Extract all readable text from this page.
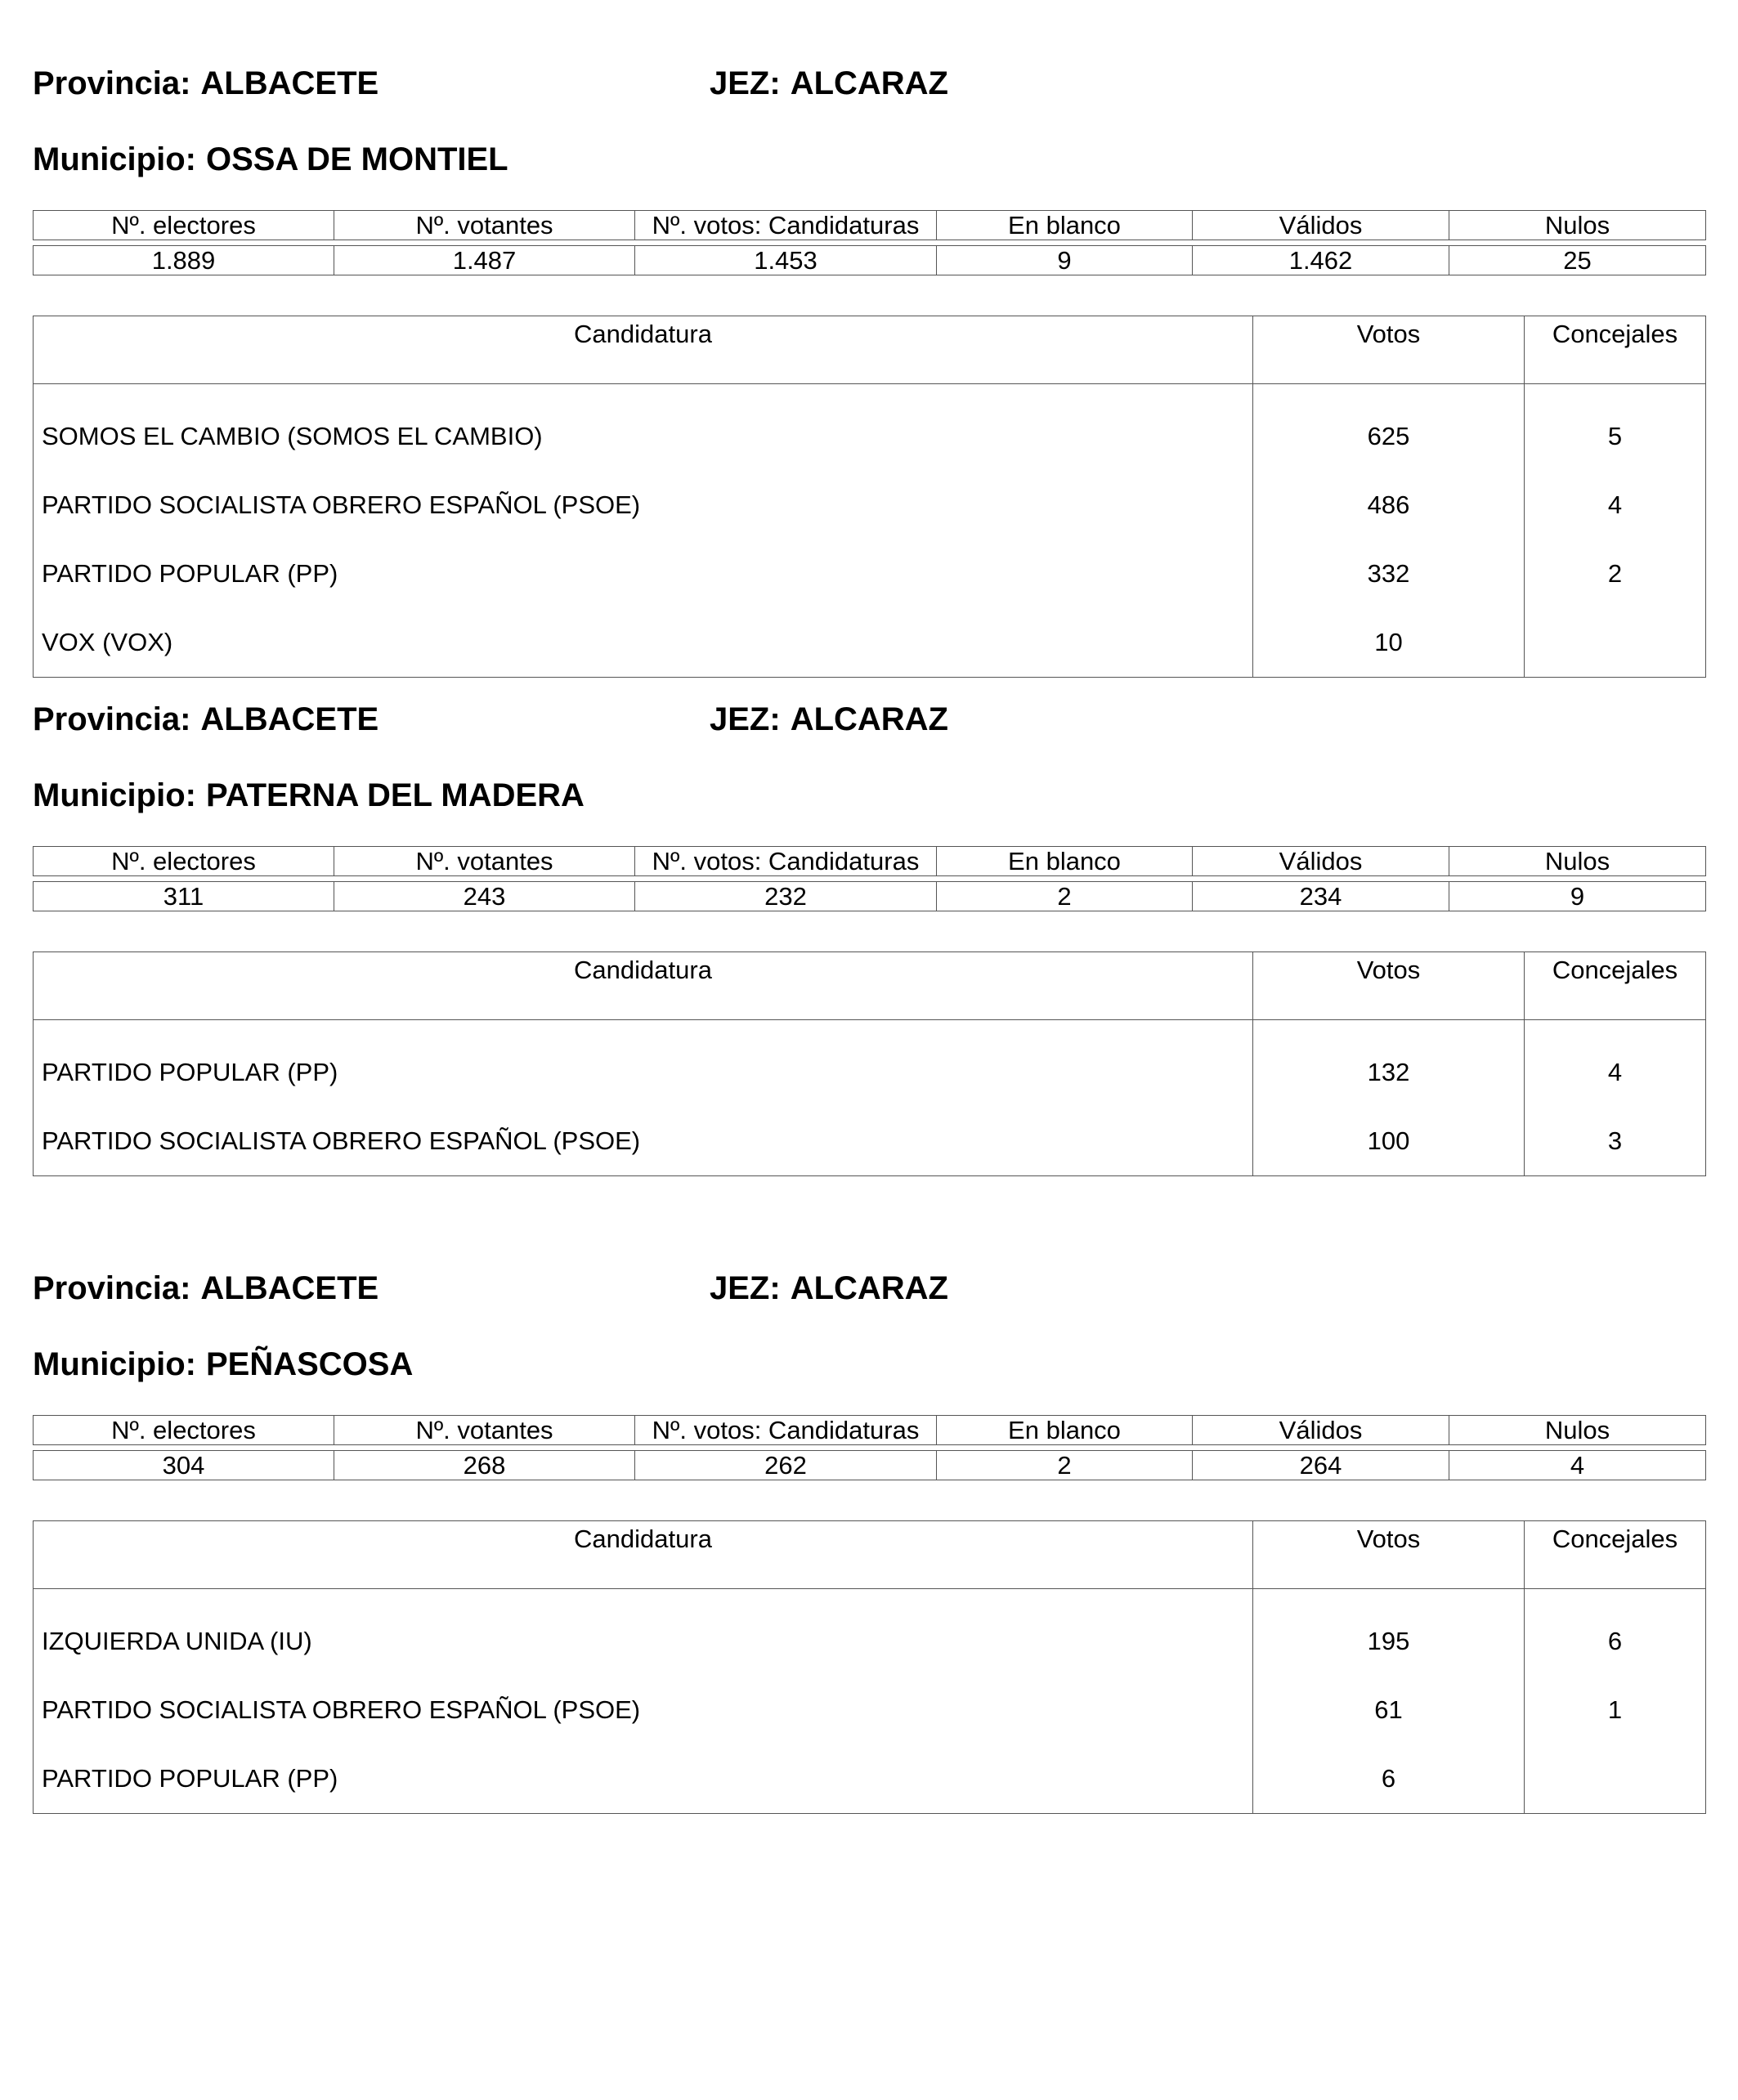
Provincia: ALBACETE	JEZ: ALCARAZ
Municipio: OSSA DE MONTIEL
Nº. electores	Nº. votantes	Nº. votos: Candidaturas	En blanco	Válidos	Nulos

1.889	1.487	1.453	9	1.462	25
Candidatura	Votos	Concejales
SOMOS EL CAMBIO (SOMOS EL CAMBIO)	625	5
PARTIDO SOCIALISTA OBRERO ESPAÑOL (PSOE)	486	4
PARTIDO POPULAR (PP)	332	2
VOX (VOX)	10	
Provincia: ALBACETE	JEZ: ALCARAZ
Municipio: PATERNA DEL MADERA
Nº. electores	Nº. votantes	Nº. votos: Candidaturas	En blanco	Válidos	Nulos

311	243	232	2	234	9
Candidatura	Votos	Concejales
PARTIDO POPULAR (PP)	132	4
PARTIDO SOCIALISTA OBRERO ESPAÑOL (PSOE)	100	3
Provincia: ALBACETE	JEZ: ALCARAZ
Municipio: PEÑASCOSA
Nº. electores	Nº. votantes	Nº. votos: Candidaturas	En blanco	Válidos	Nulos

304	268	262	2	264	4
Candidatura	Votos	Concejales
IZQUIERDA UNIDA (IU)	195	6
PARTIDO SOCIALISTA OBRERO ESPAÑOL (PSOE)	61	1
PARTIDO POPULAR (PP)	6	
